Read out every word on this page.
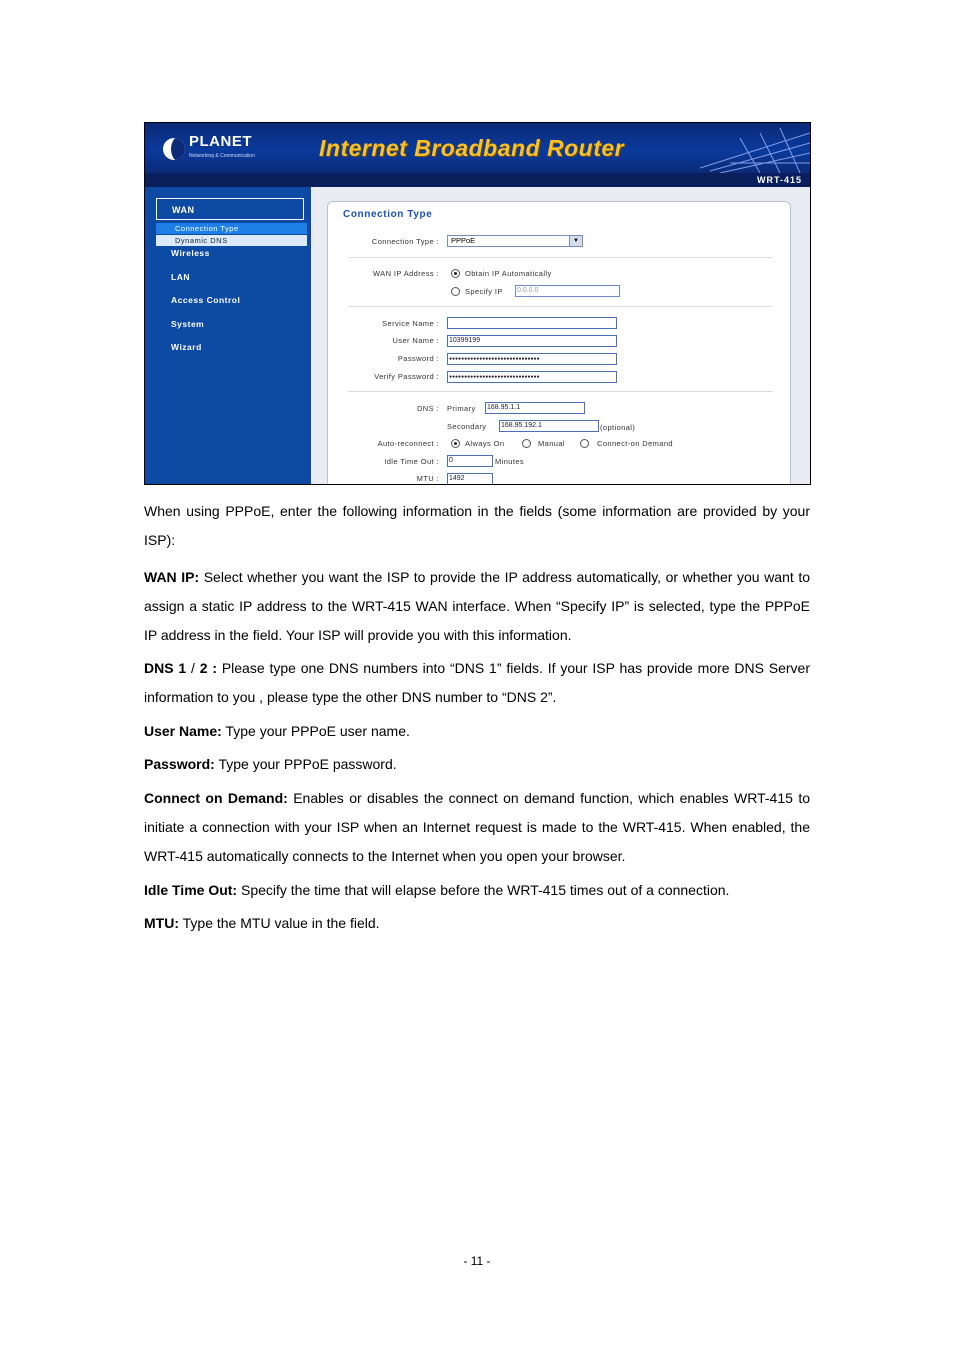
PLANET
Networking & Communication	Internet Broadband Router
WRT-415
WAN
Connection Type
Dynamic DNS
Wireless
LAN
Access Control
System
Wizard
Connection Type
Connection Type :	PPPoE	▼
WAN IP Address :	Obtain IP Automatically
Specify IP 0.0.0.0
Service Name :
User Name : 10399199
Password :	●●●●●●●●●●●●●●●●●●●●●●●●●●●●●●
Verify Password :	●●●●●●●●●●●●●●●●●●●●●●●●●●●●●●
DNS : Primary 168.95.1.1
Secondary 168.95.192.1	(optional)
Auto-reconnect :	Always On	Manual	Connect-on Demand
Idle Time Out : 0	Minutes
MTU : 1492
When using PPPoE, enter the following information in the fields (some information are provided by your ISP):
WAN IP: Select whether you want the ISP to provide the IP address automatically, or whether you want to assign a static IP address to the WRT-415 WAN interface. When “Specify IP” is selected, type the PPPoE IP address in the field. Your ISP will provide you with this information.
DNS 1 / 2 : Please type one DNS numbers into “DNS 1” fields. If your ISP has provide more DNS Server information to you , please type the other DNS number to “DNS 2”.
User Name: Type your PPPoE user name.
Password: Type your PPPoE password.
Connect on Demand: Enables or disables the connect on demand function, which enables WRT-415 to initiate a connection with your ISP when an Internet request is made to the WRT-415. When enabled, the WRT-415 automatically connects to the Internet when you open your browser.
Idle Time Out: Specify the time that will elapse before the WRT-415 times out of a connection.
MTU: Type the MTU value in the field.
- 11 -
